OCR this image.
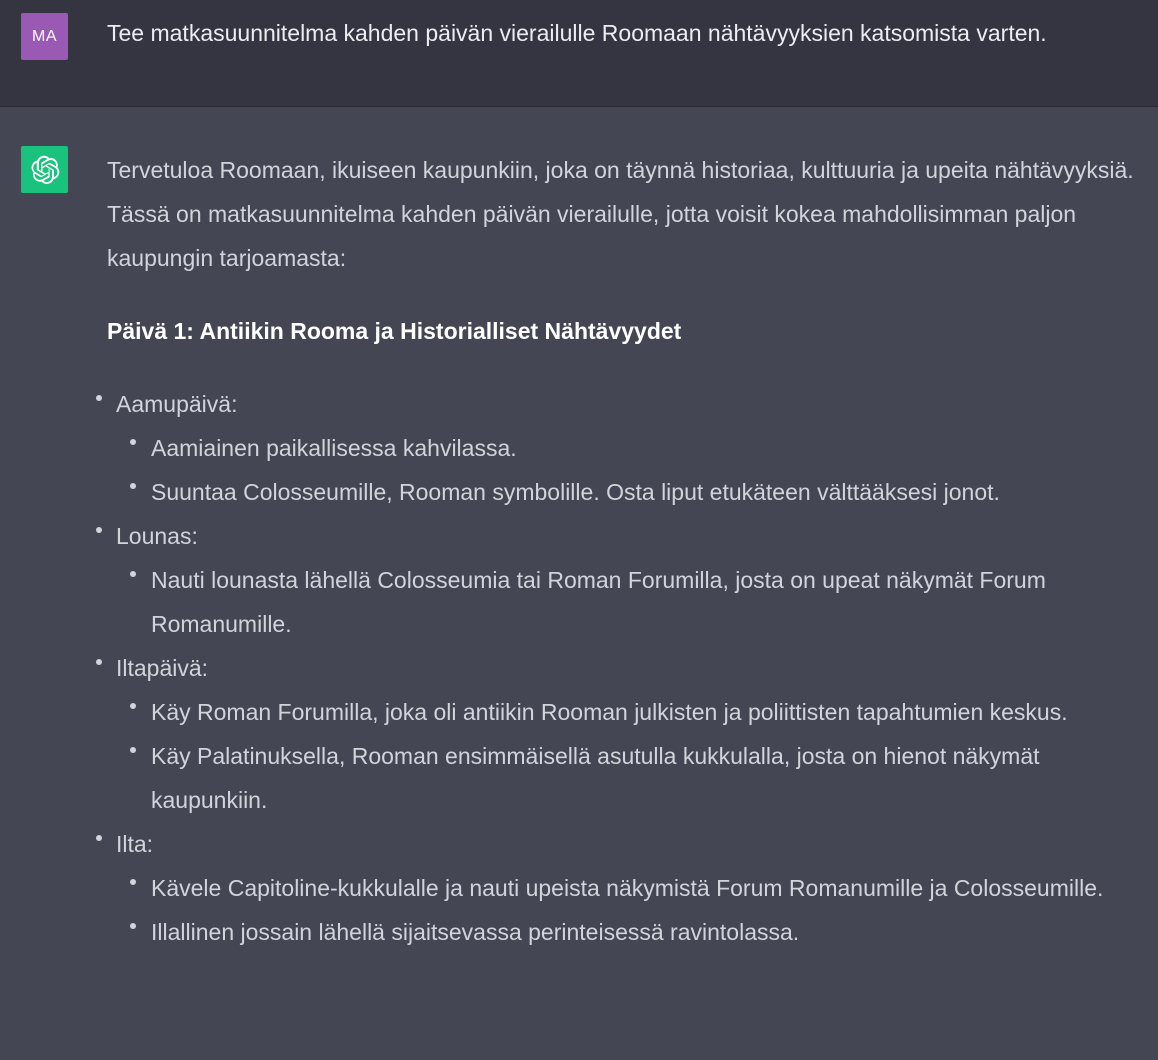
MA	Tee matkasuunnitelma kahden päivän vierailulle Roomaan nähtävyyksien katsomista varten.

Tervetuloa Roomaan, ikuiseen kaupunkiin, joka on täynnä historiaa, kulttuuria ja upeita nähtävyyksiä. Tässä on matkasuunnitelma kahden päivän vierailulle, jotta voisit kokea mahdollisimman paljon kaupungin tarjoamasta:

Päivä 1: Antiikin Rooma ja Historialliset Nähtävyydet
Aamupäivä:
Aamiainen paikallisessa kahvilassa.
Suuntaa Colosseumille, Rooman symbolille. Osta liput etukäteen välttääksesi jonot.
Lounas:
Nauti lounasta lähellä Colosseumia tai Roman Forumilla, josta on upeat näkymät Forum Romanumille.
Iltapäivä:
Käy Roman Forumilla, joka oli antiikin Rooman julkisten ja poliittisten tapahtumien keskus.
Käy Palatinuksella, Rooman ensimmäisellä asutulla kukkulalla, josta on hienot näkymät kaupunkiin.
Ilta:
Kävele Capitoline-kukkulalle ja nauti upeista näkymistä Forum Romanumille ja Colosseumille.
Illallinen jossain lähellä sijaitsevassa perinteisessä ravintolassa.
